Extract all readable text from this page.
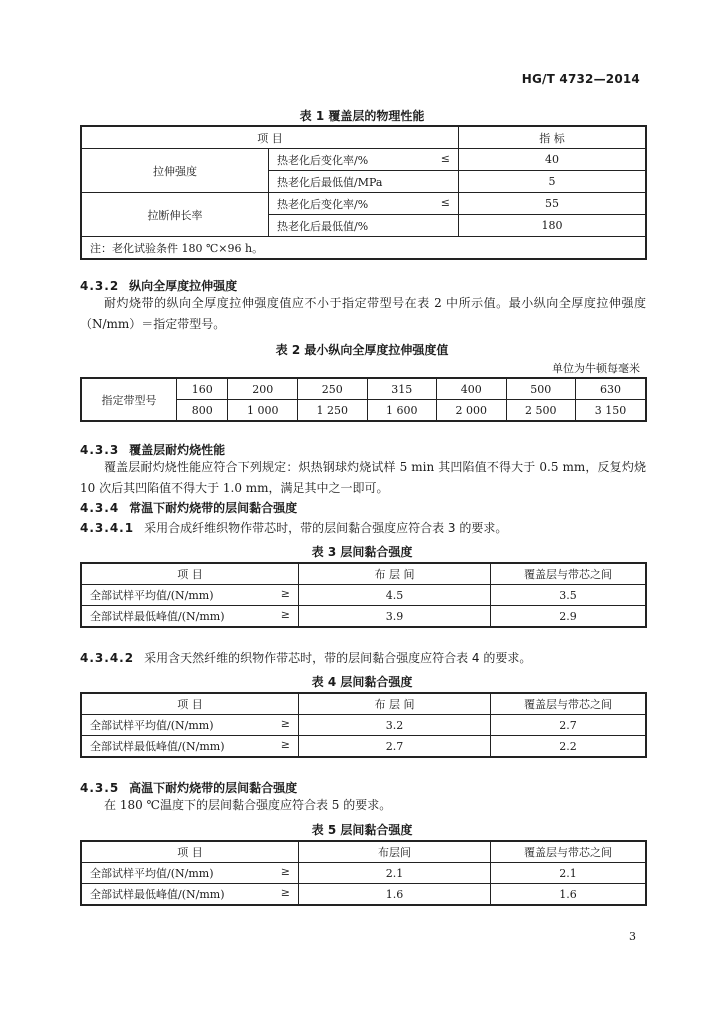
HG/T 4732—2014
表 1 覆盖层的物理性能
项 目		指 标
拉伸强度	热老化后变化率/% ≤	40

	热老化后最低值/MPa	5
拉断伸长率	热老化后变化率/% ≤	55

	热老化后最低值/%	180
注：老化试验条件 180 ℃×96 h。		
4.3.2 纵向全厚度拉伸强度
耐灼烧带的纵向全厚度拉伸强度值应不小于指定带型号在表 2 中所示值。最小纵向全厚度拉伸强度（N/mm）＝指定带型号。
表 2 最小纵向全厚度拉伸强度值
单位为牛顿每毫米
指定带型号	160	200	250	315	400	500	630
	800	1 000	1 250	1 600	2 000	2 500	3 150
4.3.3 覆盖层耐灼烧性能
覆盖层耐灼烧性能应符合下列规定：炽热钢球灼烧试样 5 min 其凹陷值不得大于 0.5 mm，反复灼烧 10 次后其凹陷值不得大于 1.0 mm，满足其中之一即可。
4.3.4 常温下耐灼烧带的层间黏合强度
4.3.4.1 采用合成纤维织物作带芯时，带的层间黏合强度应符合表 3 的要求。
表 3 层间黏合强度
项 目	布 层 间	覆盖层与带芯之间

全部试样平均值/(N/mm) ≥	4.5	3.5

全部试样最低峰值/(N/mm) ≥	3.9	2.9
4.3.4.2 采用含天然纤维的织物作带芯时，带的层间黏合强度应符合表 4 的要求。
表 4 层间黏合强度
项 目	布 层 间	覆盖层与带芯之间

全部试样平均值/(N/mm) ≥	3.2	2.7

全部试样最低峰值/(N/mm) ≥	2.7	2.2
4.3.5 高温下耐灼烧带的层间黏合强度
在 180 ℃温度下的层间黏合强度应符合表 5 的要求。
表 5 层间黏合强度
项 目	布层间	覆盖层与带芯之间

全部试样平均值/(N/mm) ≥	2.1	2.1

全部试样最低峰值/(N/mm) ≥	1.6	1.6
3
